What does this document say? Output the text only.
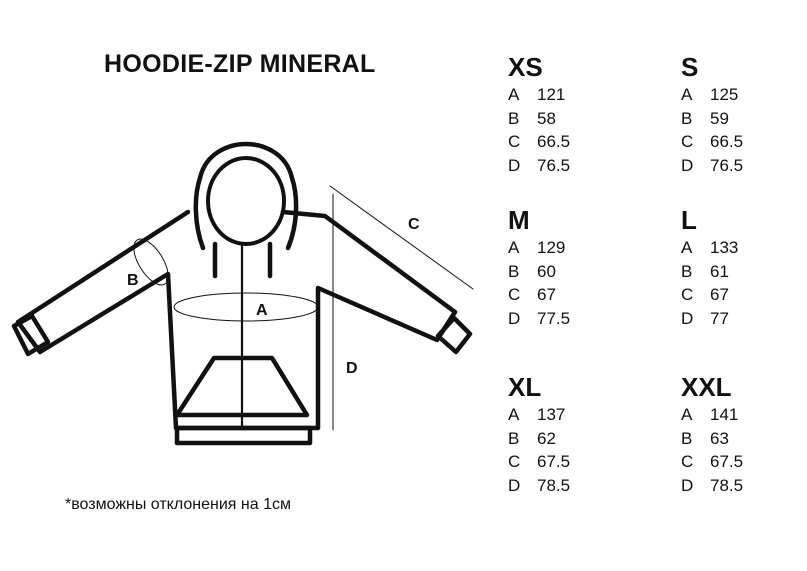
HOODIE-ZIP MINERAL
A
B
C
D
XS
A	121
B	58
C 66.5
D 76.5
S
A	125
B	59
C 66.5
D 76.5
M
A	129
B	60
C 67
D 77.5
L
A	133
B	61
C 67
D 77
XL
A	137
B	62
C 67.5
D 78.5
XXL
A	141
B	63
C 67.5
D 78.5
*возможны отклонения на 1см
